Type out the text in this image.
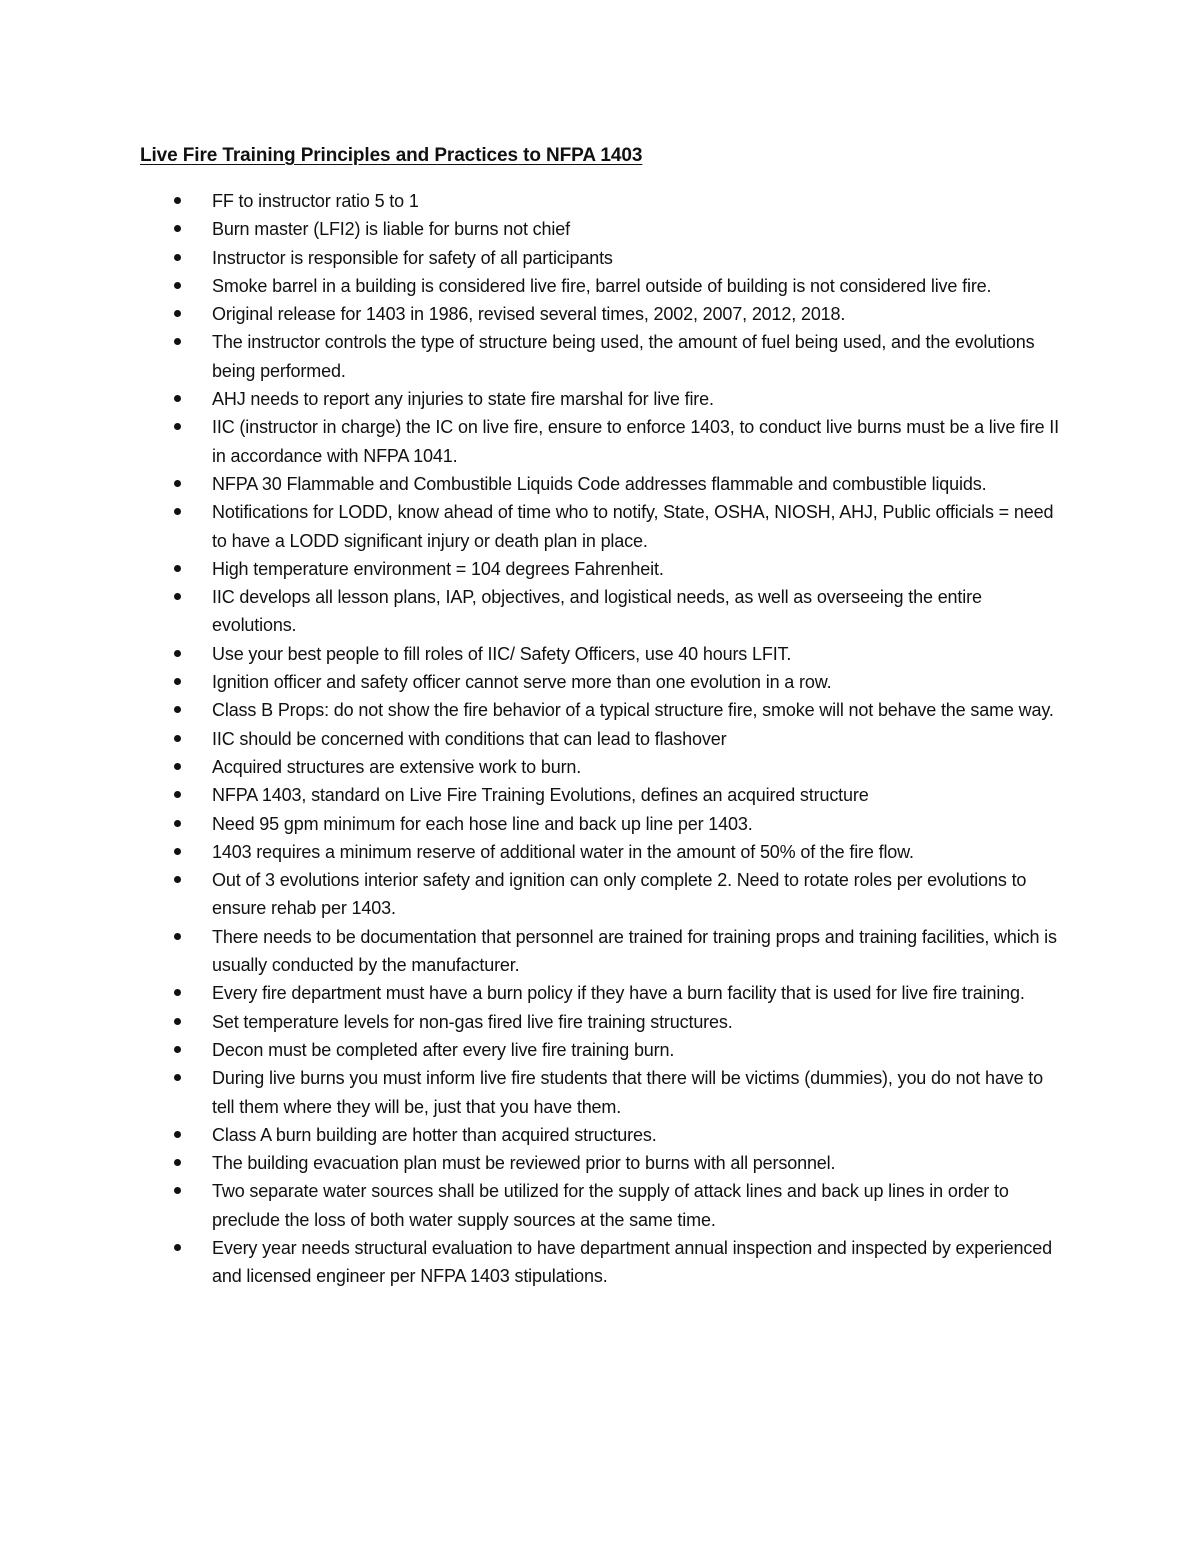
Live Fire Training Principles and Practices to NFPA 1403
FF to instructor ratio 5 to 1
Burn master (LFI2) is liable for burns not chief
Instructor is responsible for safety of all participants
Smoke barrel in a building is considered live fire, barrel outside of building is not considered live fire.
Original release for 1403 in 1986, revised several times, 2002, 2007, 2012, 2018.
The instructor controls the type of structure being used, the amount of fuel being used, and the evolutions being performed.
AHJ needs to report any injuries to state fire marshal for live fire.
IIC (instructor in charge) the IC on live fire, ensure to enforce 1403, to conduct live burns must be a live fire II in accordance with NFPA 1041.
NFPA 30 Flammable and Combustible Liquids Code addresses flammable and combustible liquids.
Notifications for LODD, know ahead of time who to notify, State, OSHA, NIOSH, AHJ, Public officials = need to have a LODD significant injury or death plan in place.
High temperature environment = 104 degrees Fahrenheit.
IIC develops all lesson plans, IAP, objectives, and logistical needs, as well as overseeing the entire evolutions.
Use your best people to fill roles of IIC/ Safety Officers, use 40 hours LFIT.
Ignition officer and safety officer cannot serve more than one evolution in a row.
Class B Props: do not show the fire behavior of a typical structure fire, smoke will not behave the same way.
IIC should be concerned with conditions that can lead to flashover
Acquired structures are extensive work to burn.
NFPA 1403, standard on Live Fire Training Evolutions, defines an acquired structure
Need 95 gpm minimum for each hose line and back up line per 1403.
1403 requires a minimum reserve of additional water in the amount of 50% of the fire flow.
Out of 3 evolutions interior safety and ignition can only complete 2. Need to rotate roles per evolutions to ensure rehab per 1403.
There needs to be documentation that personnel are trained for training props and training facilities, which is usually conducted by the manufacturer.
Every fire department must have a burn policy if they have a burn facility that is used for live fire training.
Set temperature levels for non-gas fired live fire training structures.
Decon must be completed after every live fire training burn.
During live burns you must inform live fire students that there will be victims (dummies), you do not have to tell them where they will be, just that you have them.
Class A burn building are hotter than acquired structures.
The building evacuation plan must be reviewed prior to burns with all personnel.
Two separate water sources shall be utilized for the supply of attack lines and back up lines in order to preclude the loss of both water supply sources at the same time.
Every year needs structural evaluation to have department annual inspection and inspected by experienced and licensed engineer per NFPA 1403 stipulations.
